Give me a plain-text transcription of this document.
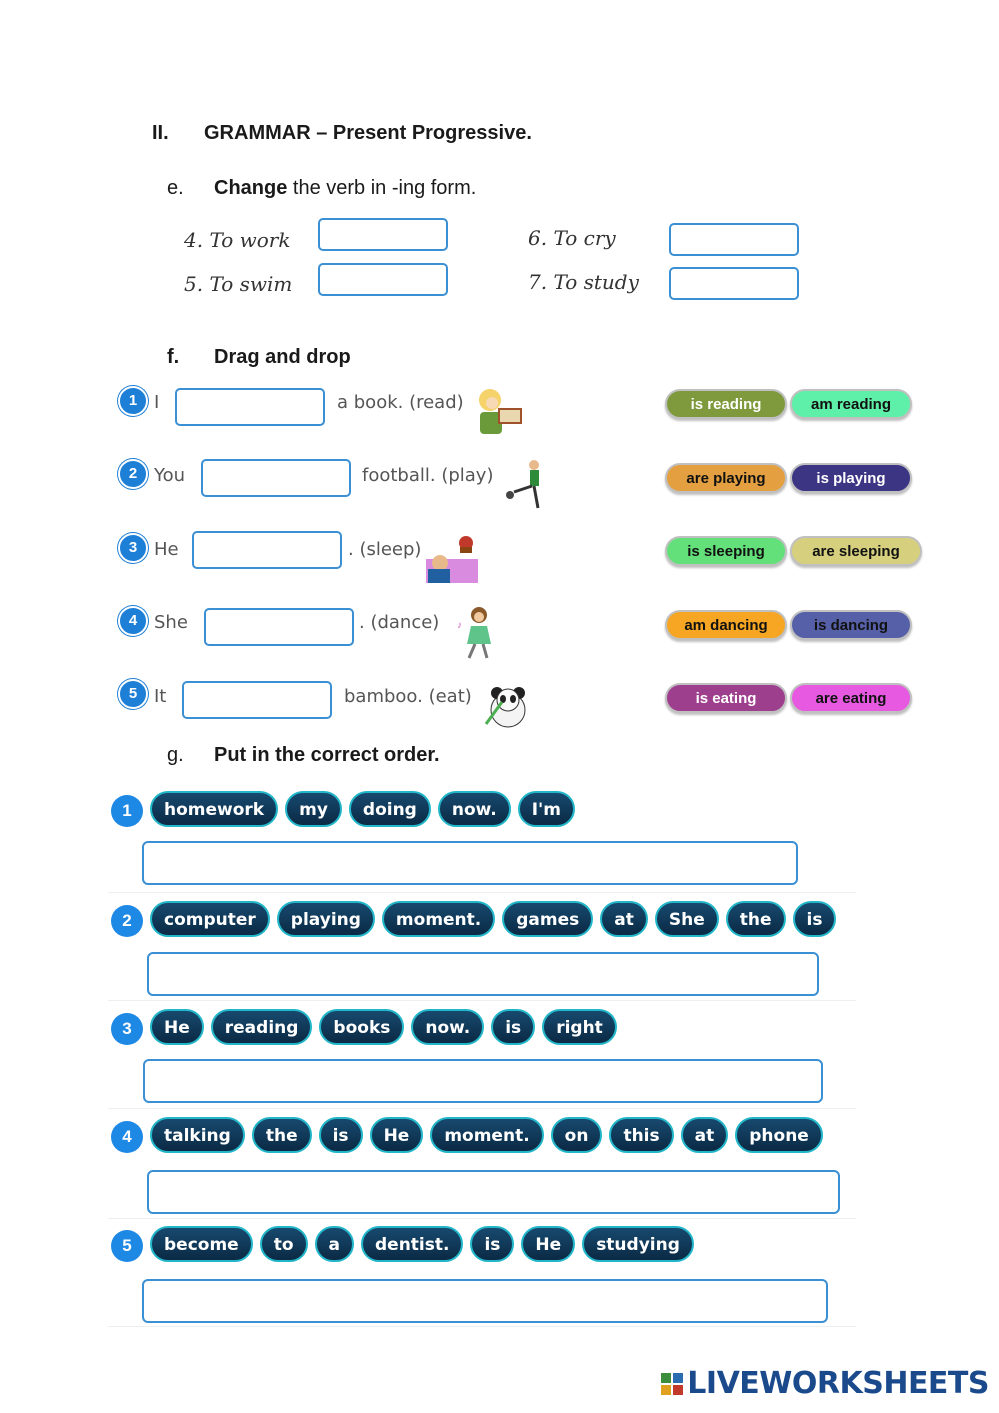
II. GRAMMAR – Present Progressive.
e. Change the verb in -ing form.
4. To work
5. To swim
6. To cry
7. To study
f. Drag and drop
1 I	a book. (read)	is reading	am reading
2 You	football. (play)	are playing	is playing
3 He	. (sleep)	is sleeping	are sleeping
4 She	. (dance) ♪	am dancing	is dancing
5 It	bamboo. (eat)	is eating	are eating
g. Put in the correct order.
1	homework my doing now. I'm
2	computer playing moment. games at She the is
3	He reading books now. is right
4	talking the is He moment. on this at phone
5	become to a dentist. is He studying
LIVEWORKSHEETS
